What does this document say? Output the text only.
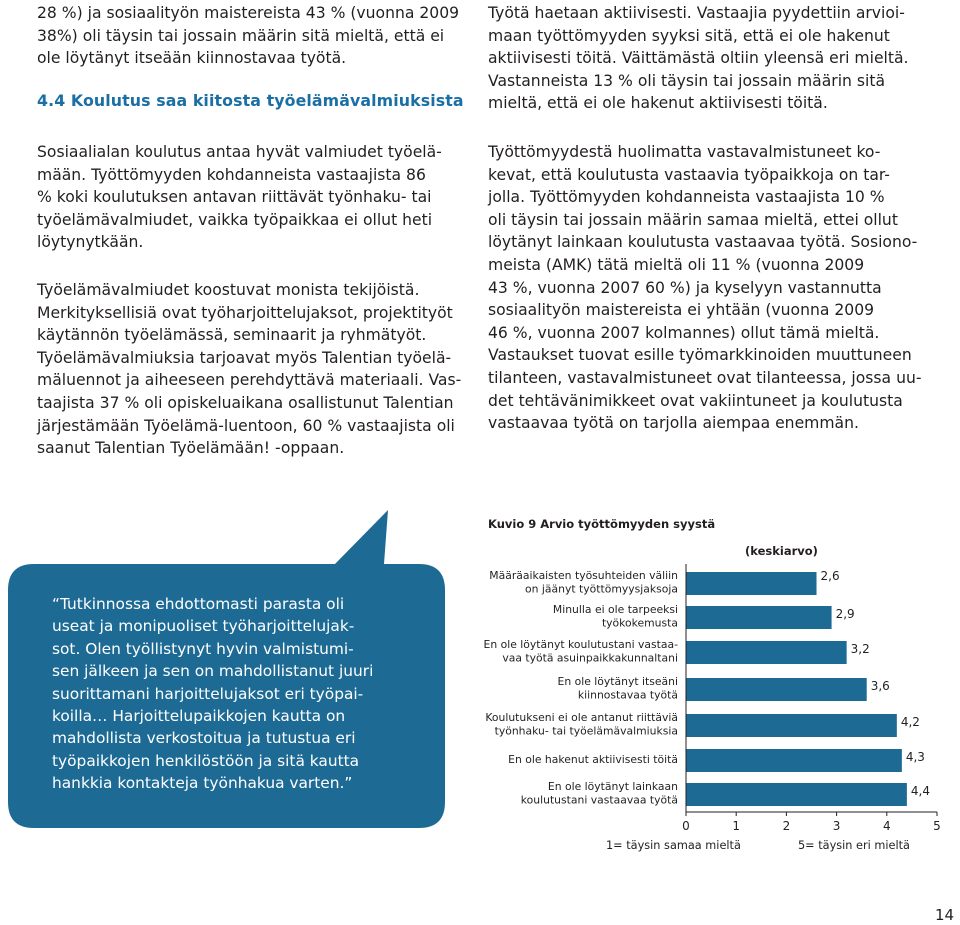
28 %) ja sosiaalityön maistereista 43 % (vuonna 2009

38%) oli täysin tai jossain määrin sitä mieltä, että ei

ole löytänyt itseään kiinnostavaa työtä.

4.4 Koulutus saa kiitosta työelämävalmiuksista

Sosiaalialan koulutus antaa hyvät valmiudet työelä-

mään. Työttömyyden kohdanneista vastaajista 86

% koki koulutuksen antavan riittävät työnhaku- tai

työelämävalmiudet, vaikka työpaikkaa ei ollut heti

löytynytkään.

Työelämävalmiudet koostuvat monista tekijöistä.

Merkityksellisiä ovat työharjoittelujaksot, projektityöt

käytännön työelämässä, seminaarit ja ryhmätyöt.

Työelämävalmiuksia tarjoavat myös Talentian työelä-

mäluennot ja aiheeseen perehdyttävä materiaali. Vas-

taajista 37 % oli opiskeluaikana osallistunut Talentian

järjestämään Työelämä-luentoon, 60 % vastaajista oli

saanut Talentian Työelämään! -oppaan.

Työtä haetaan aktiivisesti. Vastaajia pyydettiin arvioi-

maan työttömyyden syyksi sitä, että ei ole hakenut

aktiivisesti töitä. Väittämästä oltiin yleensä eri mieltä.

Vastanneista 13 % oli täysin tai jossain määrin sitä

mieltä, että ei ole hakenut aktiivisesti töitä.

Työttömyydestä huolimatta vastavalmistuneet ko-

kevat, että koulutusta vastaavia työpaikkoja on tar-

jolla. Työttömyyden kohdanneista vastaajista 10 %

oli täysin tai jossain määrin samaa mieltä, ettei ollut

löytänyt lainkaan koulutusta vastaavaa työtä. Sosiono-

meista (AMK) tätä mieltä oli 11 % (vuonna 2009

43 %, vuonna 2007 60 %) ja kyselyyn vastannutta

sosiaalityön maistereista ei yhtään (vuonna 2009

46 %, vuonna 2007 kolmannes) ollut tämä mieltä.

Vastaukset tuovat esille työmarkkinoiden muuttuneen

tilanteen, vastavalmistuneet ovat tilanteessa, jossa uu-

det tehtävänimikkeet ovat vakiintuneet ja koulutusta

vastaavaa työtä on tarjolla aiempaa enemmän.

“Tutkinnossa ehdottomasti parasta oli

useat ja monipuoliset työharjoittelujak-

sot. Olen työllistynyt hyvin valmistumi-

sen jälkeen ja sen on mahdollistanut juuri

suorittamani harjoittelujaksot eri työpai-

koilla… Harjoittelupaikkojen kautta on

mahdollista verkostoitua ja tutustua eri

työpaikkojen henkilöstöön ja sitä kautta

hankkia kontakteja työnhakua varten.”

Kuvio 9 Arvio työttömyyden syystä
(keskiarvo)
2,6
Määräaikaisten työsuhteiden väliin
on jäänyt työttömyysjaksoja
2,9
Minulla ei ole tarpeeksi
työkokemusta
3,2
En ole löytänyt koulutustani vastaa-
vaa työtä asuinpaikkakunnaltani
3,6
En ole löytänyt itseäni
kiinnostavaa työtä
4,2
Koulutukseni ei ole antanut riittäviä
työnhaku- tai työelämävalmiuksia
4,3
En ole hakenut aktiivisesti töitä
4,4
En ole löytänyt lainkaan
koulutustani vastaavaa työtä
0	1	2	3	4	5
1= täysin samaa mieltä	5= täysin eri mieltä
14
